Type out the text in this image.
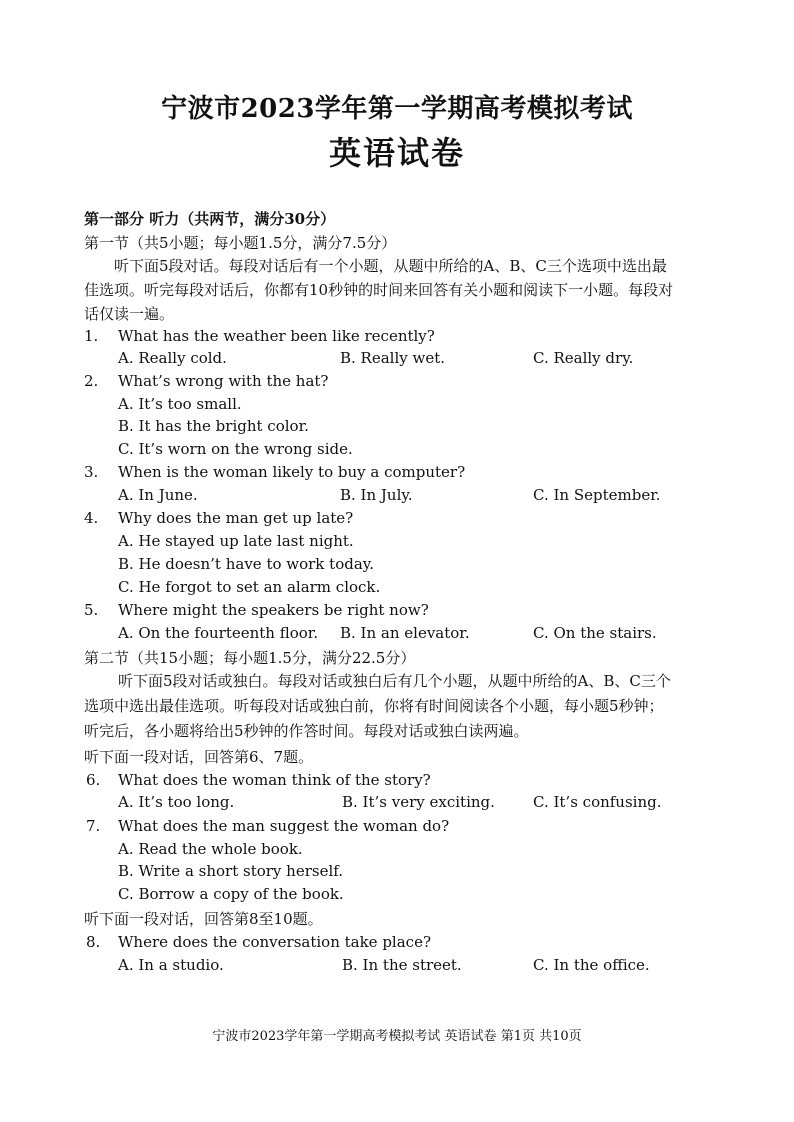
宁波市2023学年第一学期高考模拟考试
英语试卷
第一部分 听力（共两节，满分30分）
第一节（共5小题；每小题1.5分，满分7.5分）
听下面5段对话。每段对话后有一个小题，从题中所给的A、B、C三个选项中选出最
佳选项。听完每段对话后，你都有10秒钟的时间来回答有关小题和阅读下一小题。每段对
话仅读一遍。
1. What has the weather been like recently?
A. Really cold.	B. Really wet.	C. Really dry.
2. What’s wrong with the hat?
A. It’s too small.
B. It has the bright color.
C. It’s worn on the wrong side.
3. When is the woman likely to buy a computer?
A. In June.	B. In July.	C. In September.
4. Why does the man get up late?
A. He stayed up late last night.
B. He doesn’t have to work today.
C. He forgot to set an alarm clock.
5. Where might the speakers be right now?
A. On the fourteenth floor. B. In an elevator.	C. On the stairs.
第二节（共15小题；每小题1.5分，满分22.5分）
听下面5段对话或独白。每段对话或独白后有几个小题，从题中所给的A、B、C三个
选项中选出最佳选项。听每段对话或独白前，你将有时间阅读各个小题，每小题5秒钟；
听完后，各小题将给出5秒钟的作答时间。每段对话或独白读两遍。
听下面一段对话，回答第6、7题。
6. What does the woman think of the story?
A. It’s too long.	B. It’s very exciting.	C. It’s confusing.
7. What does the man suggest the woman do?
A. Read the whole book.
B. Write a short story herself.
C. Borrow a copy of the book.
听下面一段对话，回答第8至10题。
8. Where does the conversation take place?
A. In a studio.	B. In the street.	C. In the office.
宁波市2023学年第一学期高考模拟考试 英语试卷 第1页 共10页
